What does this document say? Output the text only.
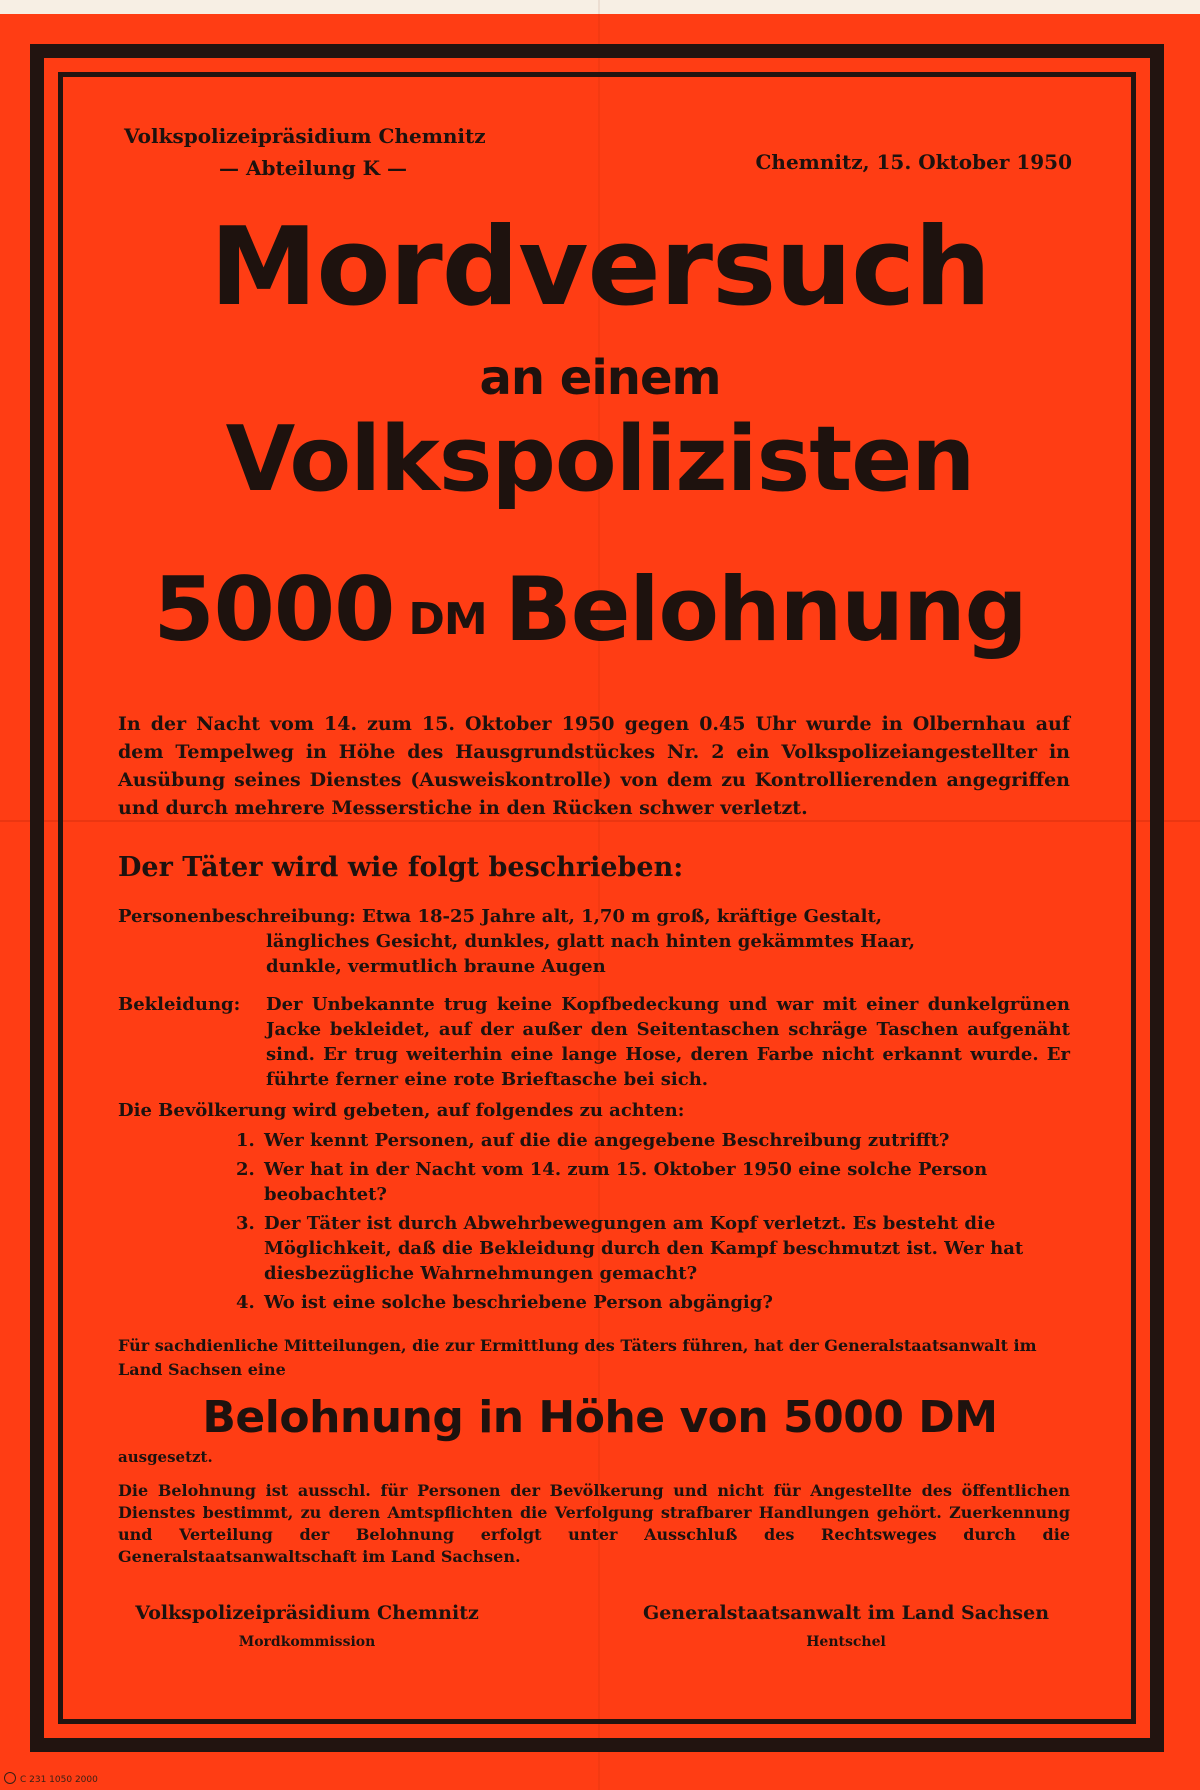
Volkspolizeipräsidium Chemnitz
— Abteilung K —	Chemnitz, 15. Oktober 1950
Mordversuch
an einem
Volkspolizisten
5000 DM Belohnung
In der Nacht vom 14. zum 15. Oktober 1950 gegen 0.45 Uhr wurde in Olbernhau auf dem Tempelweg in Höhe des Hausgrundstückes Nr. 2 ein Volkspolizeiangestellter in Ausübung seines Dienstes (Ausweiskontrolle) von dem zu Kontrollierenden angegriffen und durch mehrere Messerstiche in den Rücken schwer verletzt.
Der Täter wird wie folgt beschrieben:
Personenbeschreibung: Etwa 18-25 Jahre alt, 1,70 m groß, kräftige Gestalt,
längliches Gesicht, dunkles, glatt nach hinten gekämmtes Haar,
dunkle, vermutlich braune Augen
Bekleidung:	Der Unbekannte trug keine Kopfbedeckung und war mit einer dunkelgrünen Jacke bekleidet, auf der außer den Seitentaschen schräge Taschen aufgenäht sind. Er trug weiterhin eine lange Hose, deren Farbe nicht erkannt wurde. Er führte ferner eine rote Brieftasche bei sich.
Die Bevölkerung wird gebeten, auf folgendes zu achten:
1. Wer kennt Personen, auf die die angegebene Beschreibung zutrifft?
2. Wer hat in der Nacht vom 14. zum 15. Oktober 1950 eine solche Person beobachtet?
3. Der Täter ist durch Abwehrbewegungen am Kopf verletzt. Es besteht die Möglichkeit, daß die Bekleidung durch den Kampf beschmutzt ist. Wer hat diesbezügliche Wahrnehmungen gemacht?
4. Wo ist eine solche beschriebene Person abgängig?
Für sachdienliche Mitteilungen, die zur Ermittlung des Täters führen, hat der Generalstaatsanwalt im Land Sachsen eine
Belohnung in Höhe von 5000 DM
ausgesetzt.
Die Belohnung ist ausschl. für Personen der Bevölkerung und nicht für Angestellte des öffentlichen Dienstes bestimmt, zu deren Amtspflichten die Verfolgung strafbarer Handlungen gehört. Zuerkennung und Verteilung der Belohnung erfolgt unter Ausschluß des Rechtsweges durch die Generalstaatsanwaltschaft im Land Sachsen.
Volkspolizeipräsidium Chemnitz
Mordkommission
Generalstaatsanwalt im Land Sachsen
Hentschel
C 231 1050 2000
